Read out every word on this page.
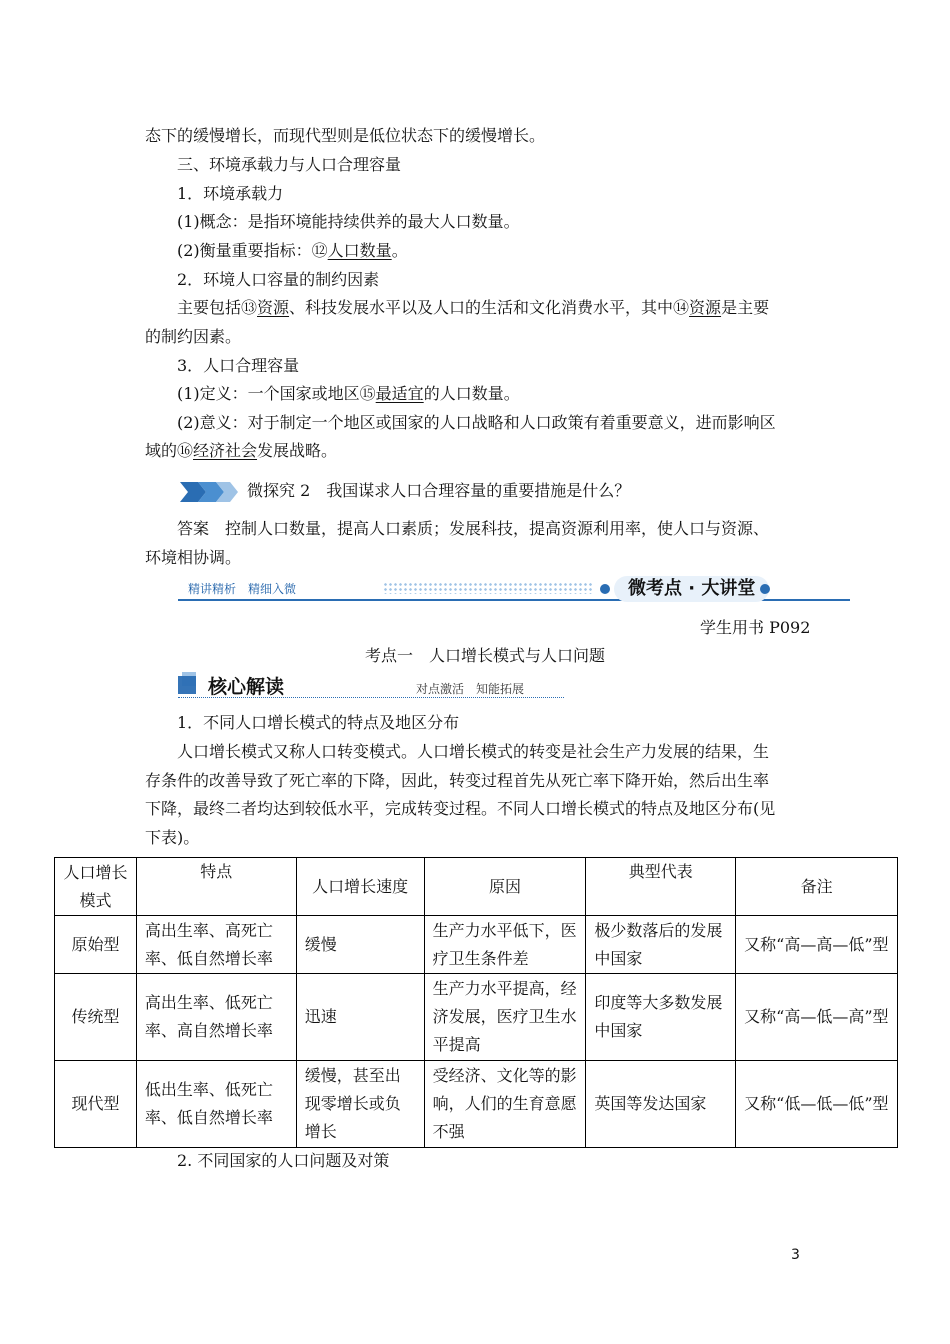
态下的缓慢增长，而现代型则是低位状态下的缓慢增长。
三、环境承载力与人口合理容量
1．环境承载力
(1)概念：是指环境能持续供养的最大人口数量。
(2)衡量重要指标：⑫人口数量。
2．环境人口容量的制约因素
主要包括⑬资源、科技发展水平以及人口的生活和文化消费水平，其中⑭资源是主要
的制约因素。
3．人口合理容量
(1)定义：一个国家或地区⑮最适宜的人口数量。
(2)意义：对于制定一个地区或国家的人口战略和人口政策有着重要意义，进而影响区
域的⑯经济社会发展战略。
微探究 2　我国谋求人口合理容量的重要措施是什么？
答案　控制人口数量，提高人口素质；发展科技，提高资源利用率，使人口与资源、
环境相协调。
精讲精析　精细入微	微考点 · 大讲堂
学生用书 P092
考点一　人口增长模式与人口问题
核心解读	对点激活　知能拓展
1．不同人口增长模式的特点及地区分布
人口增长模式又称人口转变模式。人口增长模式的转变是社会生产力发展的结果，生
存条件的改善导致了死亡率的下降，因此，转变过程首先从死亡率下降开始，然后出生率
下降，最终二者均达到较低水平，完成转变过程。不同人口增长模式的特点及地区分布(见
下表)。
人口增长模式	特点	人口增长速度	原因	典型代表	备注
原始型	高出生率、高死亡率、低自然增长率	缓慢	生产力水平低下，医疗卫生条件差	极少数落后的发展中国家	又称“高—高—低”型
传统型	高出生率、低死亡率、高自然增长率	迅速	生产力水平提高，经济发展，医疗卫生水平提高	印度等大多数发展中国家	又称“高—低—高”型
现代型	低出生率、低死亡率、低自然增长率	缓慢，甚至出现零增长或负增长	受经济、文化等的影响，人们的生育意愿不强	英国等发达国家	又称“低—低—低”型
2. 不同国家的人口问题及对策
3
